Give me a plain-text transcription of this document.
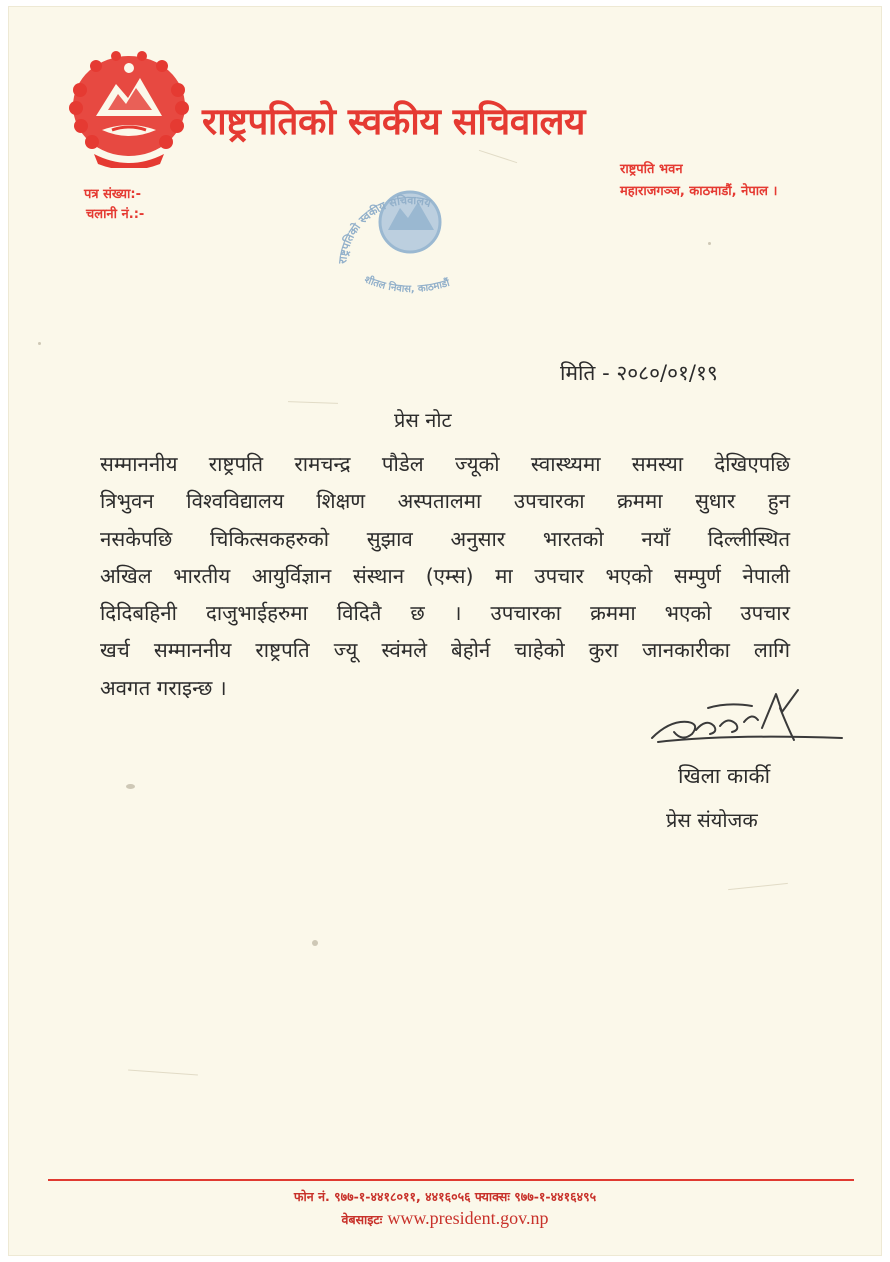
राष्ट्रपतिको स्वकीय सचिवालय
राष्ट्रपति भवन
महाराजगञ्ज, काठमाडौं, नेपाल ।
पत्र संख्या:-
चलानी नं.:-
राष्ट्रपतिको स्वकीय सचिवालय
शीतल निवास, काठमाडौं
मिति - २०८०/०१/१९
प्रेस नोट
सम्माननीय राष्ट्रपति रामचन्द्र पौडेल ज्यूको स्वास्थ्यमा समस्या देखिएपछि
त्रिभुवन विश्वविद्यालय शिक्षण अस्पतालमा उपचारका क्रममा सुधार हुन
नसकेपछि चिकित्सकहरुको सुझाव अनुसार भारतको नयाँ दिल्लीस्थित
अखिल भारतीय आयुर्विज्ञान संस्थान (एम्स) मा उपचार भएको सम्पुर्ण नेपाली
दिदिबहिनी दाजुभाईहरुमा विदितै छ । उपचारका क्रममा भएको उपचार
खर्च सम्माननीय राष्ट्रपति ज्यू स्वंमले बेहोर्न चाहेको कुरा जानकारीका लागि
अवगत गराइन्छ ।
खिला कार्की
प्रेस संयोजक
फोन नं. ९७७-१-४४१८०११, ४४१६०५६ फ्याक्सः ९७७-१-४४१६४९५
वेबसाइटः www.president.gov.np
